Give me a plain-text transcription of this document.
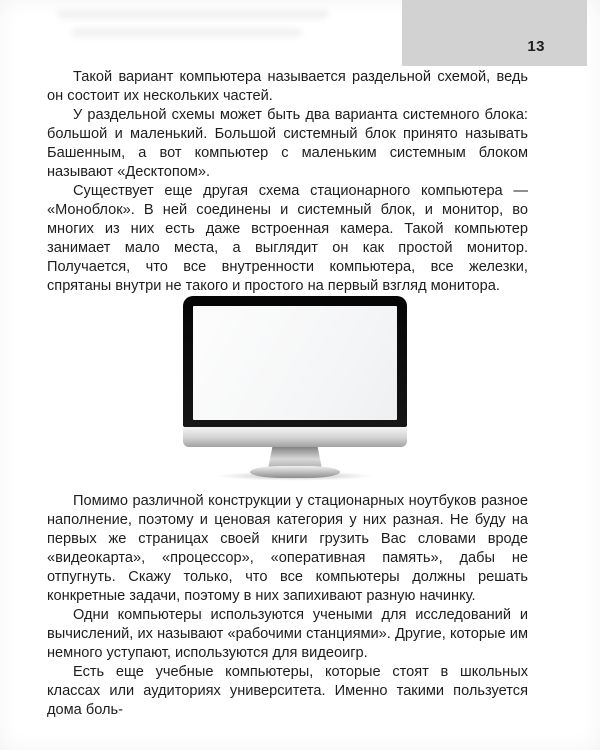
13

Такой вариант компьютера называется раздельной схемой, ведь он состоит их нескольких частей.

У раздельной схемы может быть два варианта системного блока: большой и маленький. Большой системный блок принято называть Башенным, а вот компьютер с маленьким системным блоком называют «Десктопом».

Существует еще другая схема стационарного компьютера — «Моноблок». В ней соединены и системный блок, и монитор, во многих из них есть даже встроенная камера. Такой компьютер занимает мало места, а выглядит он как простой монитор. Получается, что все внутренности компьютера, все железки, спрятаны внутри не такого и простого на первый взгляд монитора.

Помимо различной конструкции у стационарных ноутбуков разное наполнение, поэтому и ценовая категория у них разная. Не буду на первых же страницах своей книги грузить Вас словами вроде «видеокарта», «процессор», «оперативная память», дабы не отпугнуть. Скажу только, что все компьютеры должны решать конкретные задачи, поэтому в них запихивают разную начинку.

Одни компьютеры используются учеными для исследований и вычислений, их называют «рабочими станциями». Другие, которые им немного уступают, используются для видеоигр.

Есть еще учебные компьютеры, которые стоят в школьных классах или аудиториях университета. Именно такими пользуется дома боль-
